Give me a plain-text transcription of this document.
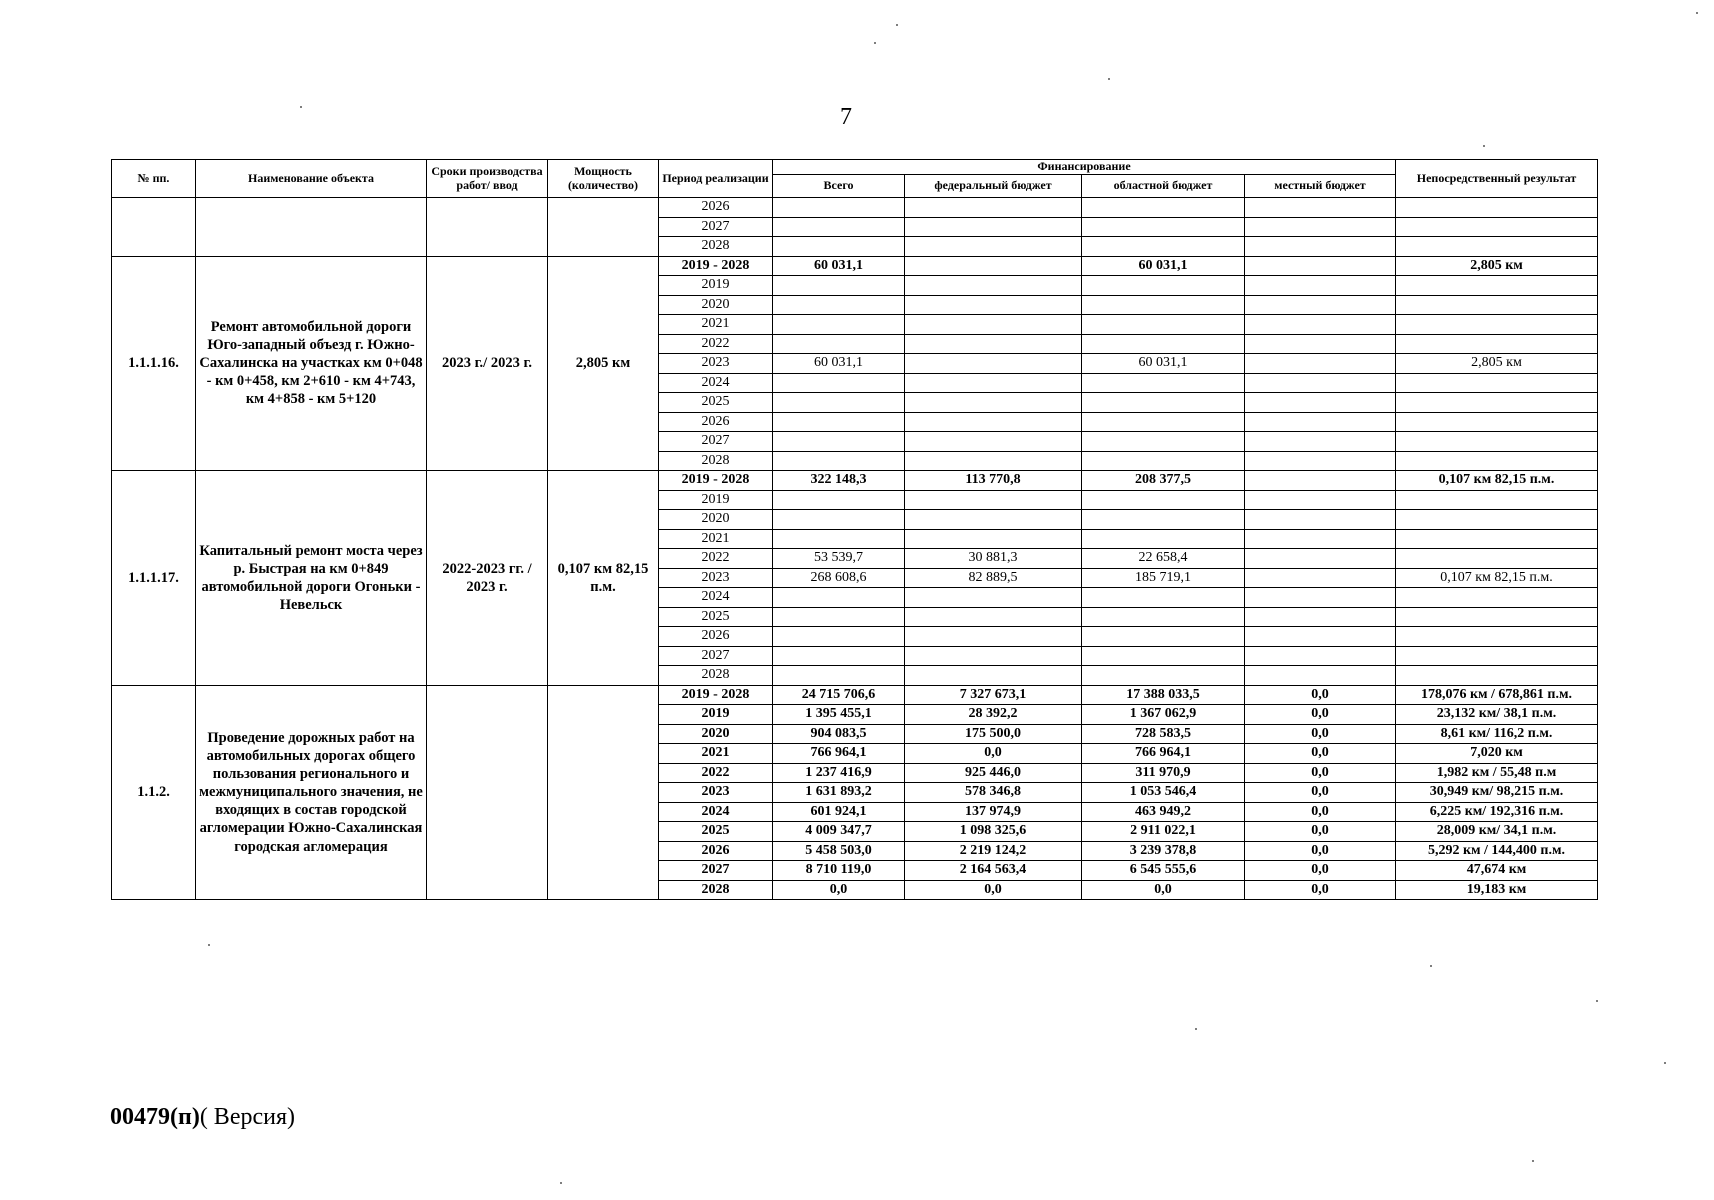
7
№ пп.	Наименование объекта	Сроки производства работ/ ввод	Мощность (количество)	Период реализации	Финансирование				Непосредственный результат
					Всего	федеральный бюджет	областной бюджет	местный бюджет	
				2026					
				2027					
				2028					
1.1.1.16.	Ремонт автомобильной дороги Юго-западный объезд г. Южно-Сахалинска на участках км 0+048 - км 0+458, км 2+610 - км 4+743, км 4+858 - км 5+120	2023 г./ 2023 г.	2,805 км	2019 - 2028	60 031,1		60 031,1		2,805 км
				2019					
				2020					
				2021					
				2022					
				2023	60 031,1		60 031,1		2,805 км
				2024					
				2025					
				2026					
				2027					
				2028					
1.1.1.17.	Капитальный ремонт моста через р. Быстрая на км 0+849 автомобильной дороги Огоньки - Невельск	2022-2023 гг. / 2023 г.	0,107 км 82,15 п.м.	2019 - 2028	322 148,3	113 770,8	208 377,5		0,107 км 82,15 п.м.
				2019					
				2020					
				2021					
				2022	53 539,7	30 881,3	22 658,4		
				2023	268 608,6	82 889,5	185 719,1		0,107 км 82,15 п.м.
				2024					
				2025					
				2026					
				2027					
				2028					
1.1.2.	Проведение дорожных работ на автомобильных дорогах общего пользования регионального и межмуниципального значения, не входящих в состав городской агломерации Южно-Сахалинская городская агломерация			2019 - 2028	24 715 706,6	7 327 673,1	17 388 033,5	0,0	178,076 км / 678,861 п.м.
				2019	1 395 455,1	28 392,2	1 367 062,9	0,0	23,132 км/ 38,1 п.м.
				2020	904 083,5	175 500,0	728 583,5	0,0	8,61 км/ 116,2 п.м.
				2021	766 964,1	0,0	766 964,1	0,0	7,020 км
				2022	1 237 416,9	925 446,0	311 970,9	0,0	1,982 км / 55,48 п.м
				2023	1 631 893,2	578 346,8	1 053 546,4	0,0	30,949 км/ 98,215 п.м.
				2024	601 924,1	137 974,9	463 949,2	0,0	6,225 км/ 192,316 п.м.
				2025	4 009 347,7	1 098 325,6	2 911 022,1	0,0	28,009 км/ 34,1 п.м.
				2026	5 458 503,0	2 219 124,2	3 239 378,8	0,0	5,292 км / 144,400 п.м.
				2027	8 710 119,0	2 164 563,4	6 545 555,6	0,0	47,674 км
				2028	0,0	0,0	0,0	0,0	19,183 км
00479(п)( Версия)
